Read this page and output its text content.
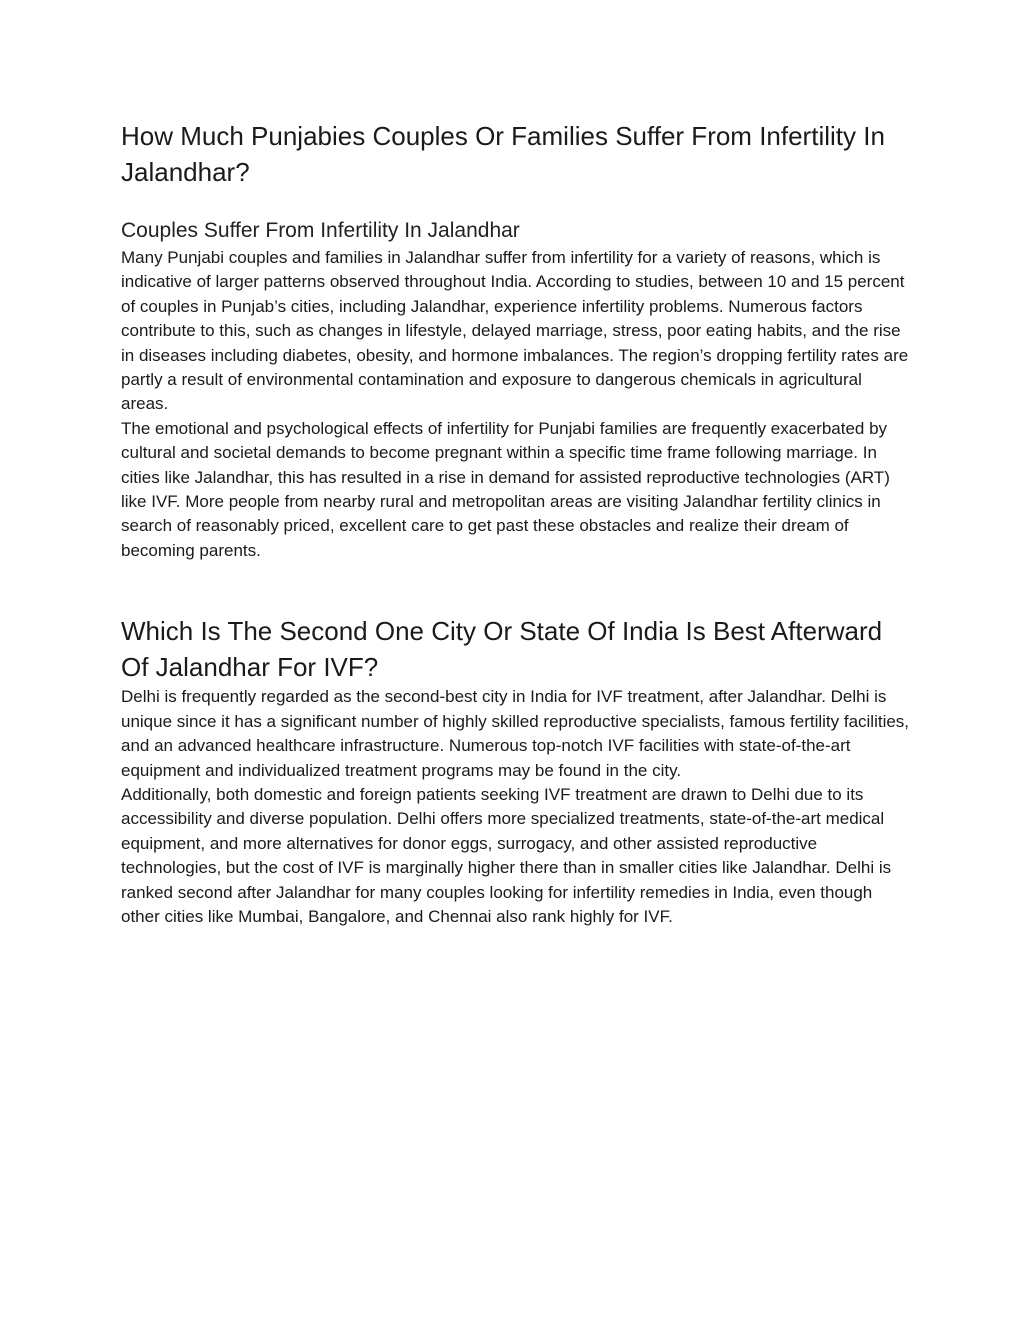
How Much Punjabies Couples Or Families Suffer From Infertility In Jalandhar?
Couples Suffer From Infertility In Jalandhar

Many Punjabi couples and families in Jalandhar suffer from infertility for a variety of reasons, which is indicative of larger patterns observed throughout India. According to studies, between 10 and 15 percent of couples in Punjab’s cities, including Jalandhar, experience infertility problems. Numerous factors contribute to this, such as changes in lifestyle, delayed marriage, stress, poor eating habits, and the rise in diseases including diabetes, obesity, and hormone imbalances. The region’s dropping fertility rates are partly a result of environmental contamination and exposure to dangerous chemicals in agricultural areas.

The emotional and psychological effects of infertility for Punjabi families are frequently exacerbated by cultural and societal demands to become pregnant within a specific time frame following marriage. In cities like Jalandhar, this has resulted in a rise in demand for assisted reproductive technologies (ART) like IVF. More people from nearby rural and metropolitan areas are visiting Jalandhar fertility clinics in search of reasonably priced, excellent care to get past these obstacles and realize their dream of becoming parents.

Which Is The Second One City Or State Of India Is Best Afterward Of Jalandhar For IVF?

Delhi is frequently regarded as the second-best city in India for IVF treatment, after Jalandhar. Delhi is unique since it has a significant number of highly skilled reproductive specialists, famous fertility facilities, and an advanced healthcare infrastructure. Numerous top-notch IVF facilities with state-of-the-art equipment and individualized treatment programs may be found in the city.

Additionally, both domestic and foreign patients seeking IVF treatment are drawn to Delhi due to its accessibility and diverse population. Delhi offers more specialized treatments, state-of-the-art medical equipment, and more alternatives for donor eggs, surrogacy, and other assisted reproductive technologies, but the cost of IVF is marginally higher there than in smaller cities like Jalandhar. Delhi is ranked second after Jalandhar for many couples looking for infertility remedies in India, even though other cities like Mumbai, Bangalore, and Chennai also rank highly for IVF.
